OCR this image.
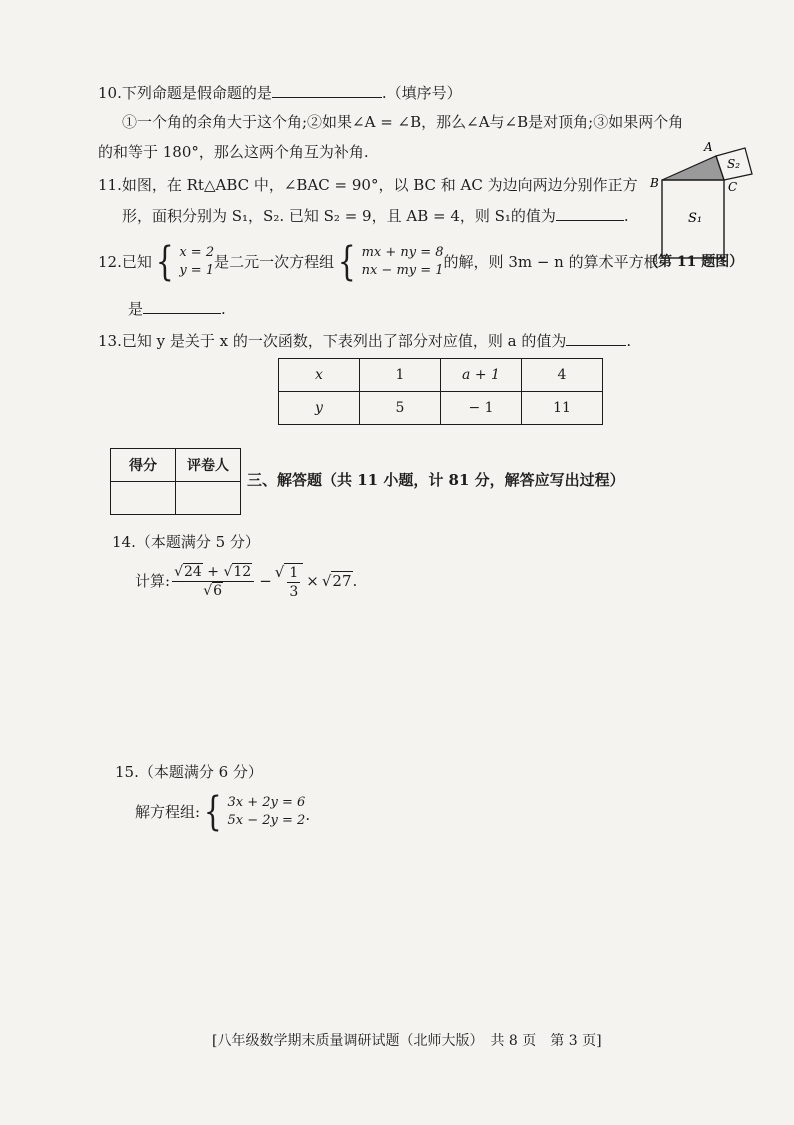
10.下列命题是假命题的是	.（填序号）
①一个角的余角大于这个角;②如果∠A = ∠B，那么∠A与∠B是对顶角;③如果两个角
的和等于 180°，那么这两个角互为补角.
11.如图，在 Rt△ABC 中，∠BAC = 90°，以 BC 和 AC 为边向两边分别作正方
形，面积分别为 S₁，S₂. 已知 S₂ = 9，且 AB = 4，则 S₁的值为	.
A
B	C
S₁
S₂
（第 11 题图）
12. 已知 { x = 2
y = 1 是二元一次方程组 { mx + ny = 8
nx − my = 1 的解，则 3m − n 的算术平方根
是	.
13.已知 y 是关于 x 的一次函数，下表列出了部分对应值，则 a 的值为	.
x	1	a + 1	4
y	5	− 1	11
得分	评卷人

三、解答题（共 11 小题，计 81 分，解答应写出过程）
14.（本题满分 5 分）
计算: $\frac{√24 + √12}{√6}$ − √ $\frac{1}{3} \times √27$ .
15.（本题满分 6 分）
解方程组: { 3x + 2y = 6
5x − 2y = 2 .
[八年级数学期末质量调研试题（北师大版）　共 8 页　第 3 页]
